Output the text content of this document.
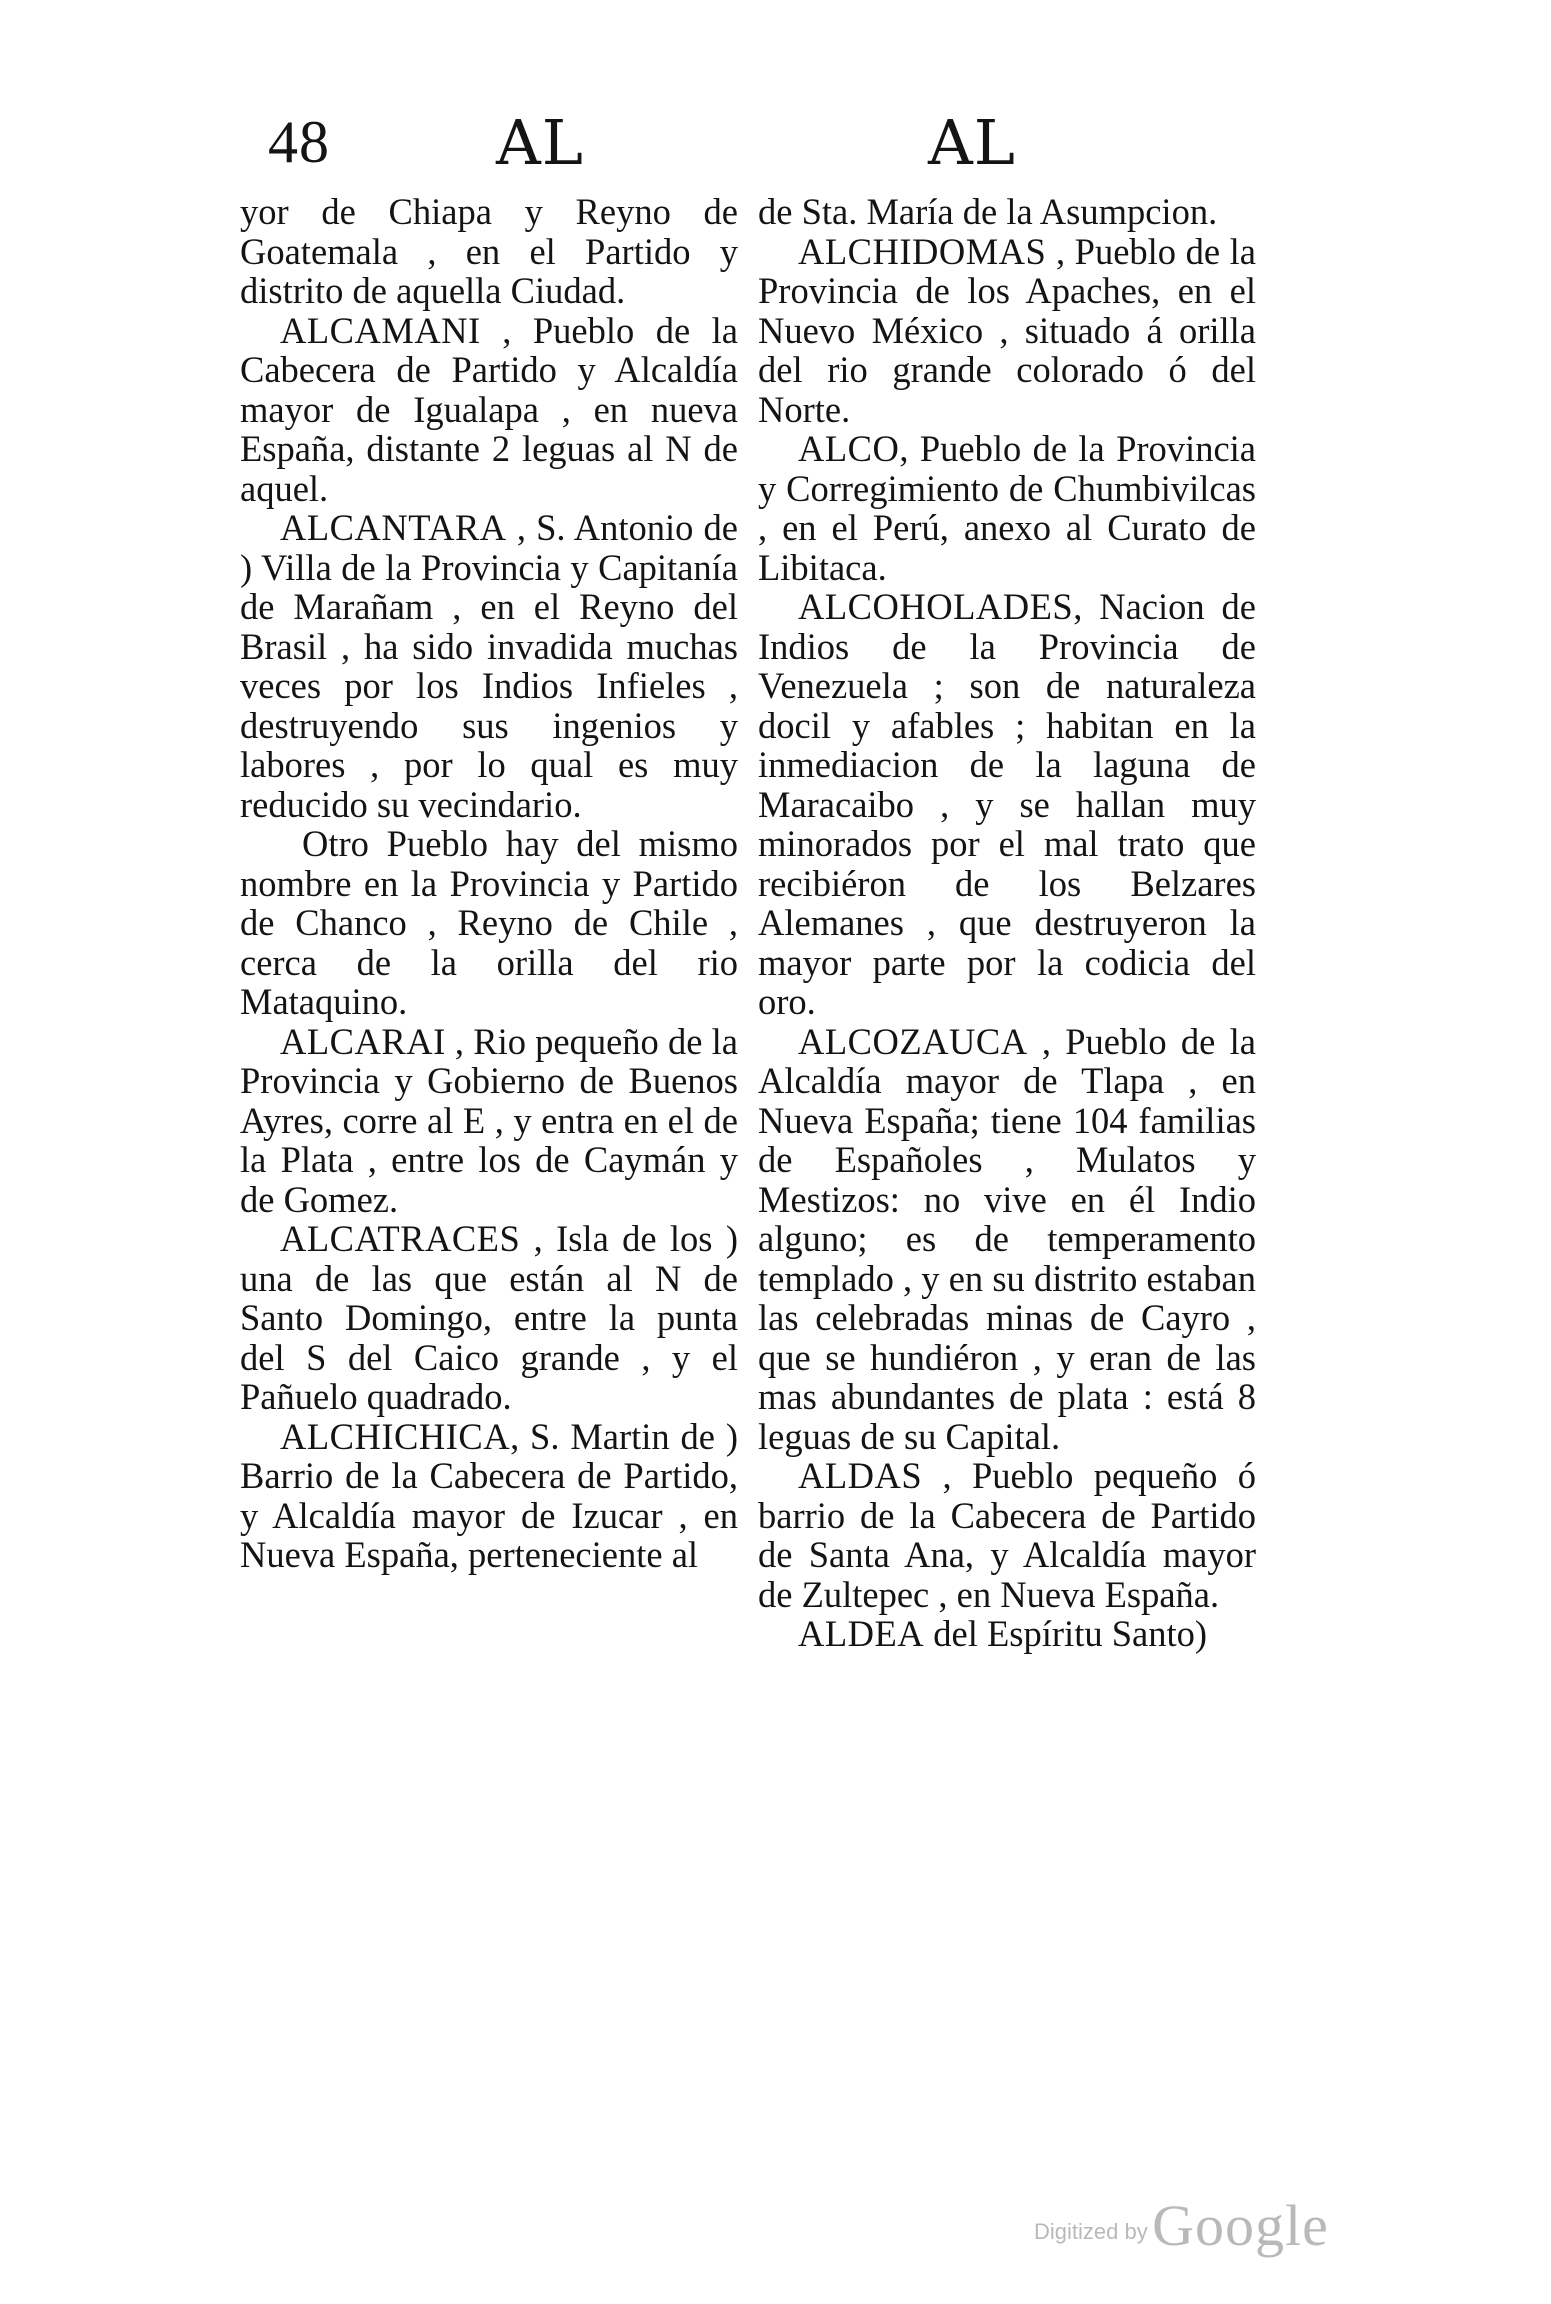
48	AL	AL

yor de Chiapa y Reyno de Goatemala , en el Partido y distrito de aquella Ciudad.

ALCAMANI , Pueblo de la Cabecera de Partido y Alcaldía mayor de Igualapa , en nueva España, distante 2 leguas al N de aquel.

ALCANTARA , S. Antonio de ) Villa de la Provincia y Capitanía de Marañam , en el Reyno del Brasil , ha sido invadida muchas veces por los Indios Infieles , destruyendo sus ingenios y labores , por lo qual es muy reducido su vecindario.

Otro Pueblo hay del mismo nombre en la Provincia y Partido de Chanco , Reyno de Chile , cerca de la orilla del rio Mataquino.

ALCARAI , Rio pequeño de la Provincia y Gobierno de Buenos Ayres, corre al E , y entra en el de la Plata , entre los de Caymán y de Gomez.

ALCATRACES , Isla de los ) una de las que están al N de Santo Domingo, entre la punta del S del Caico grande , y el Pañuelo quadrado.

ALCHICHICA, S. Martin de ) Barrio de la Cabecera de Partido, y Alcaldía mayor de Izucar , en Nueva España, perteneciente al

de Sta. María de la Asumpcion.

ALCHIDOMAS , Pueblo de la Provincia de los Apaches, en el Nuevo México , situado á orilla del rio grande colorado ó del Norte.

ALCO, Pueblo de la Provincia y Corregimiento de Chumbivilcas , en el Perú, anexo al Curato de Libitaca.

ALCOHOLADES, Nacion de Indios de la Provincia de Venezuela ; son de naturaleza docil y afables ; habitan en la inmediacion de la laguna de Maracaibo , y se hallan muy minorados por el mal trato que recibiéron de los Belzares Alemanes , que destruyeron la mayor parte por la codicia del oro.

ALCOZAUCA , Pueblo de la Alcaldía mayor de Tlapa , en Nueva España; tiene 104 familias de Españoles , Mulatos y Mestizos: no vive en él Indio alguno; es de temperamento templado , y en su distrito estaban las celebradas minas de Cayro , que se hundiéron , y eran de las mas abundantes de plata : está 8 leguas de su Capital.

ALDAS , Pueblo pequeño ó barrio de la Cabecera de Partido de Santa Ana, y Alcaldía mayor de Zultepec , en Nueva España.

ALDEA del Espíritu Santo)

Digitized by Google
